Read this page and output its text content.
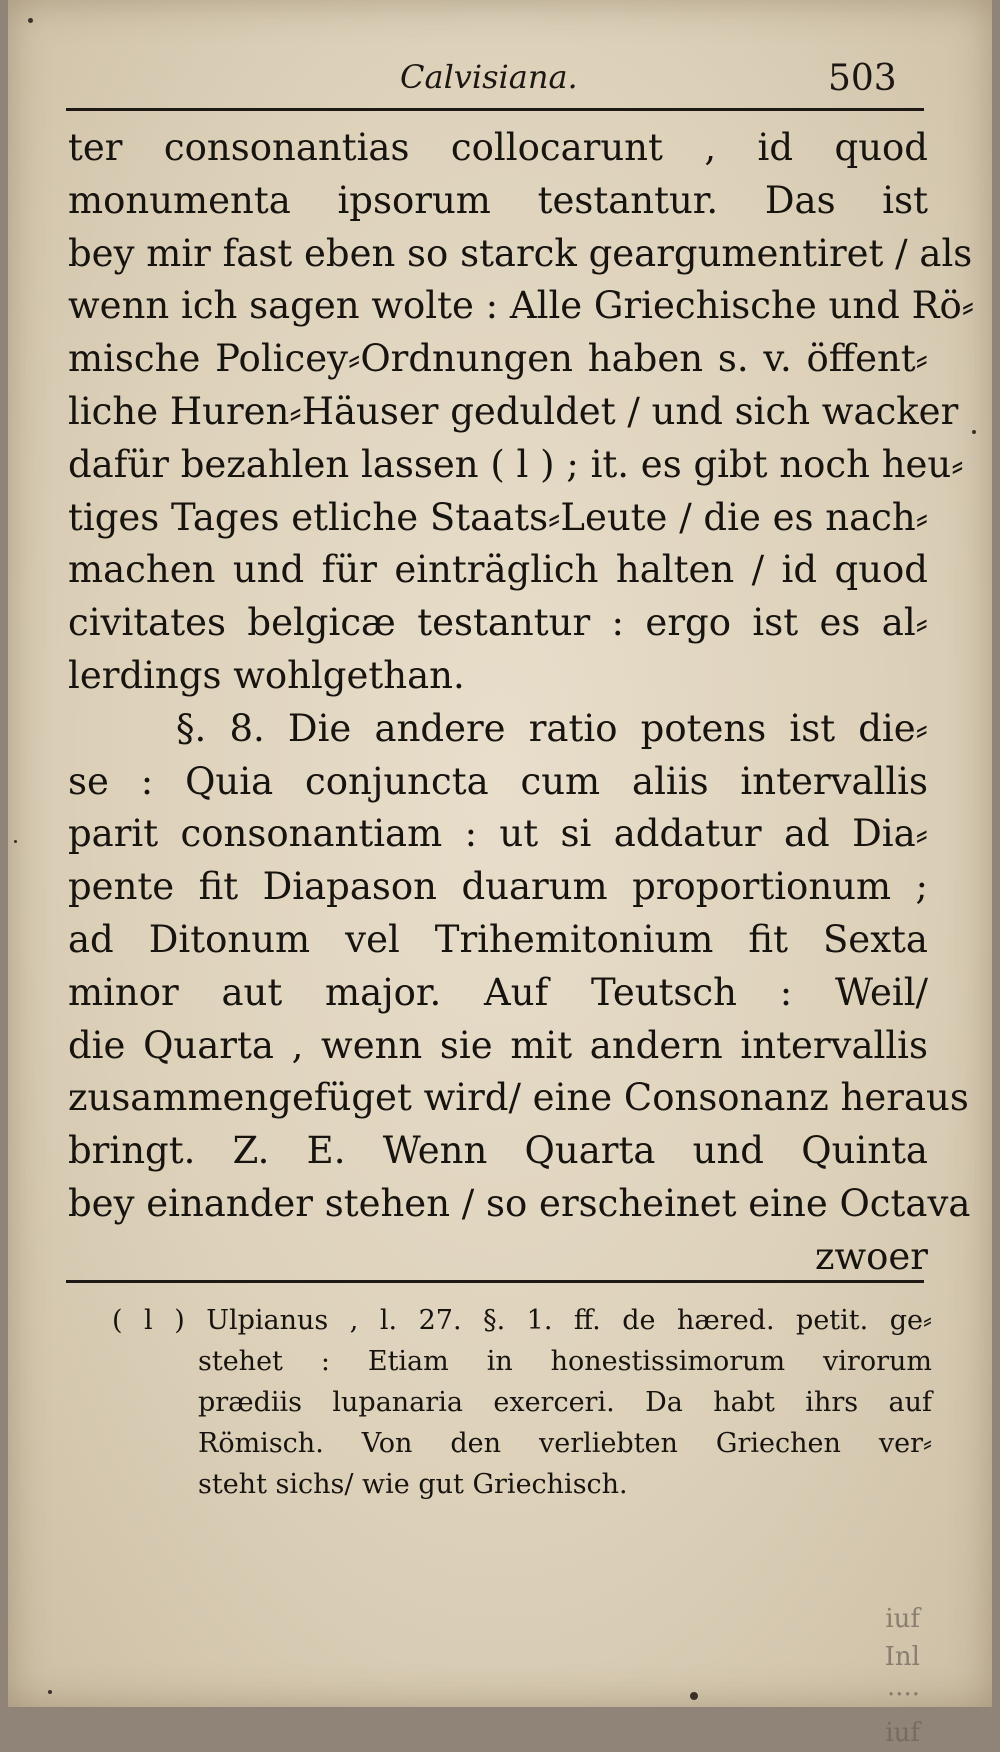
Calvisiana.	503
ter consonantias collocarunt , id quod
monumenta ipsorum testantur. Das ist
bey mir fast eben so starck geargumentiret / als
wenn ich sagen wolte : Alle Griechische und Rö⸗
mische Policey⸗Ordnungen haben s. v. öffent⸗
liche Huren⸗Häuser geduldet / und sich wacker
dafür bezahlen lassen ( l ) ; it. es gibt noch heu⸗
tiges Tages etliche Staats⸗Leute / die es nach⸗
machen und für einträglich halten / id quod
civitates belgicæ testantur : ergo ist es al⸗
lerdings wohlgethan.
§. 8. Die andere ratio potens ist die⸗
se : Quia conjuncta cum aliis intervallis
parit consonantiam : ut si addatur ad Dia⸗
pente fit Diapason duarum proportionum ;
ad Ditonum vel Trihemitonium fit Sexta
minor aut major. Auf Teutsch : Weil/
die Quarta , wenn sie mit andern intervallis
zusammengefüget wird/ eine Consonanz heraus
bringt. Z. E. Wenn Quarta und Quinta
bey einander stehen / so erscheinet eine Octava
zwoer
( l ) Ulpianus , l. 27. §. 1. ff. de hæred. petit. ge⸗
stehet : Etiam in honestissimorum virorum
prædiis lupanaria exerceri. Da habt ihrs auf
Römisch. Von den verliebten Griechen ver⸗
steht sichs/ wie gut Griechisch.
iuf
Inl
····
iuf
